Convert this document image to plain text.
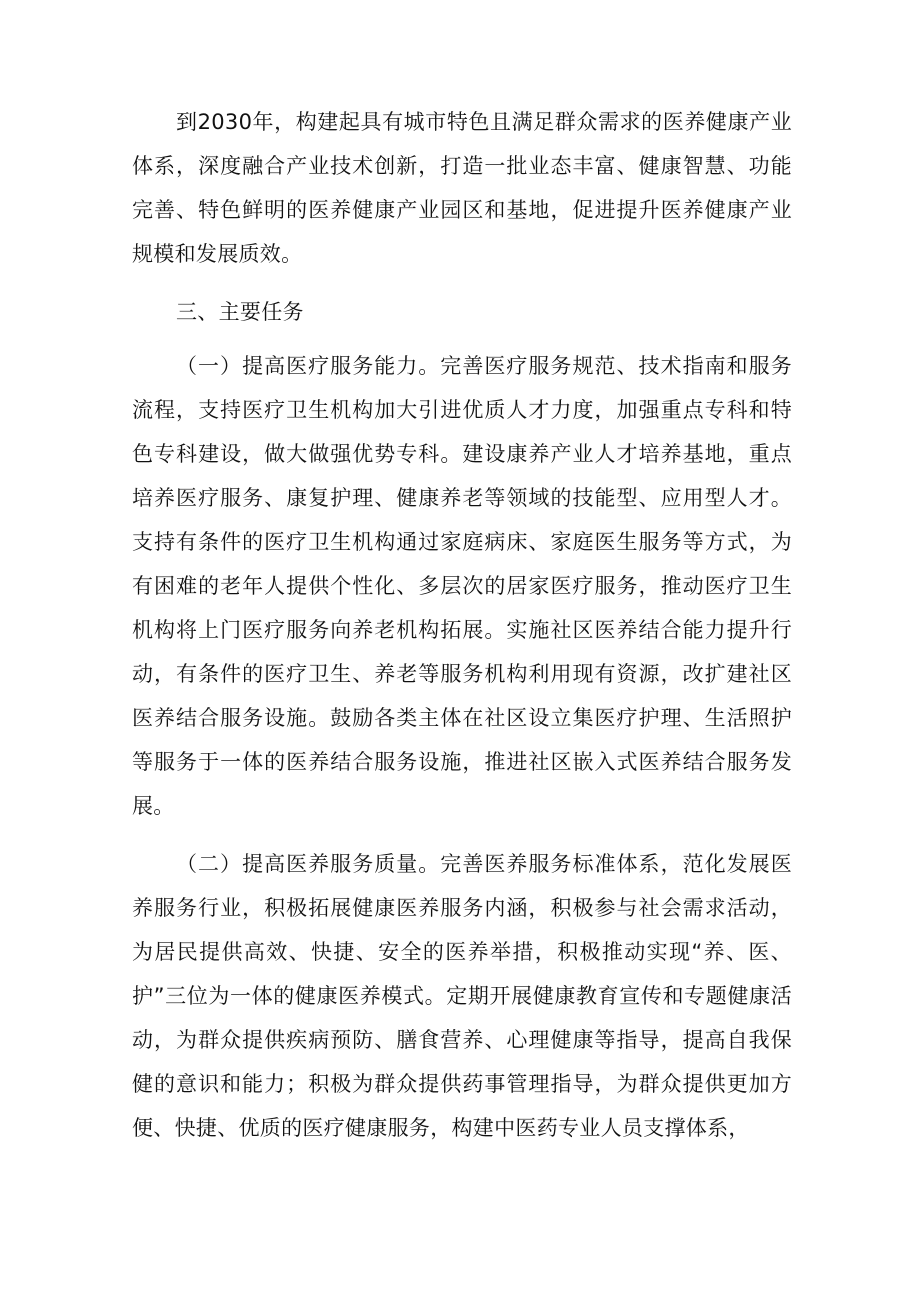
到2030年，构建起具有城市特色且满足群众需求的医养健康产业体系，深度融合产业技术创新，打造一批业态丰富、健康智慧、功能完善、特色鲜明的医养健康产业园区和基地，促进提升医养健康产业规模和发展质效。

三、主要任务

（一）提高医疗服务能力。完善医疗服务规范、技术指南和服务流程，支持医疗卫生机构加大引进优质人才力度，加强重点专科和特色专科建设，做大做强优势专科。建设康养产业人才培养基地，重点培养医疗服务、康复护理、健康养老等领域的技能型、应用型人才。支持有条件的医疗卫生机构通过家庭病床、家庭医生服务等方式，为有困难的老年人提供个性化、多层次的居家医疗服务，推动医疗卫生机构将上门医疗服务向养老机构拓展。实施社区医养结合能力提升行动，有条件的医疗卫生、养老等服务机构利用现有资源，改扩建社区医养结合服务设施。鼓励各类主体在社区设立集医疗护理、生活照护等服务于一体的医养结合服务设施，推进社区嵌入式医养结合服务发展。

（二）提高医养服务质量。完善医养服务标准体系，范化发展医养服务行业，积极拓展健康医养服务内涵，积极参与社会需求活动，为居民提供高效、快捷、安全的医养举措，积极推动实现“养、医、护”三位为一体的健康医养模式。定期开展健康教育宣传和专题健康活动，为群众提供疾病预防、膳食营养、心理健康等指导，提高自我保健的意识和能力；积极为群众提供药事管理指导，为群众提供更加方便、快捷、优质的医疗健康服务，构建中医药专业人员支撑体系，
